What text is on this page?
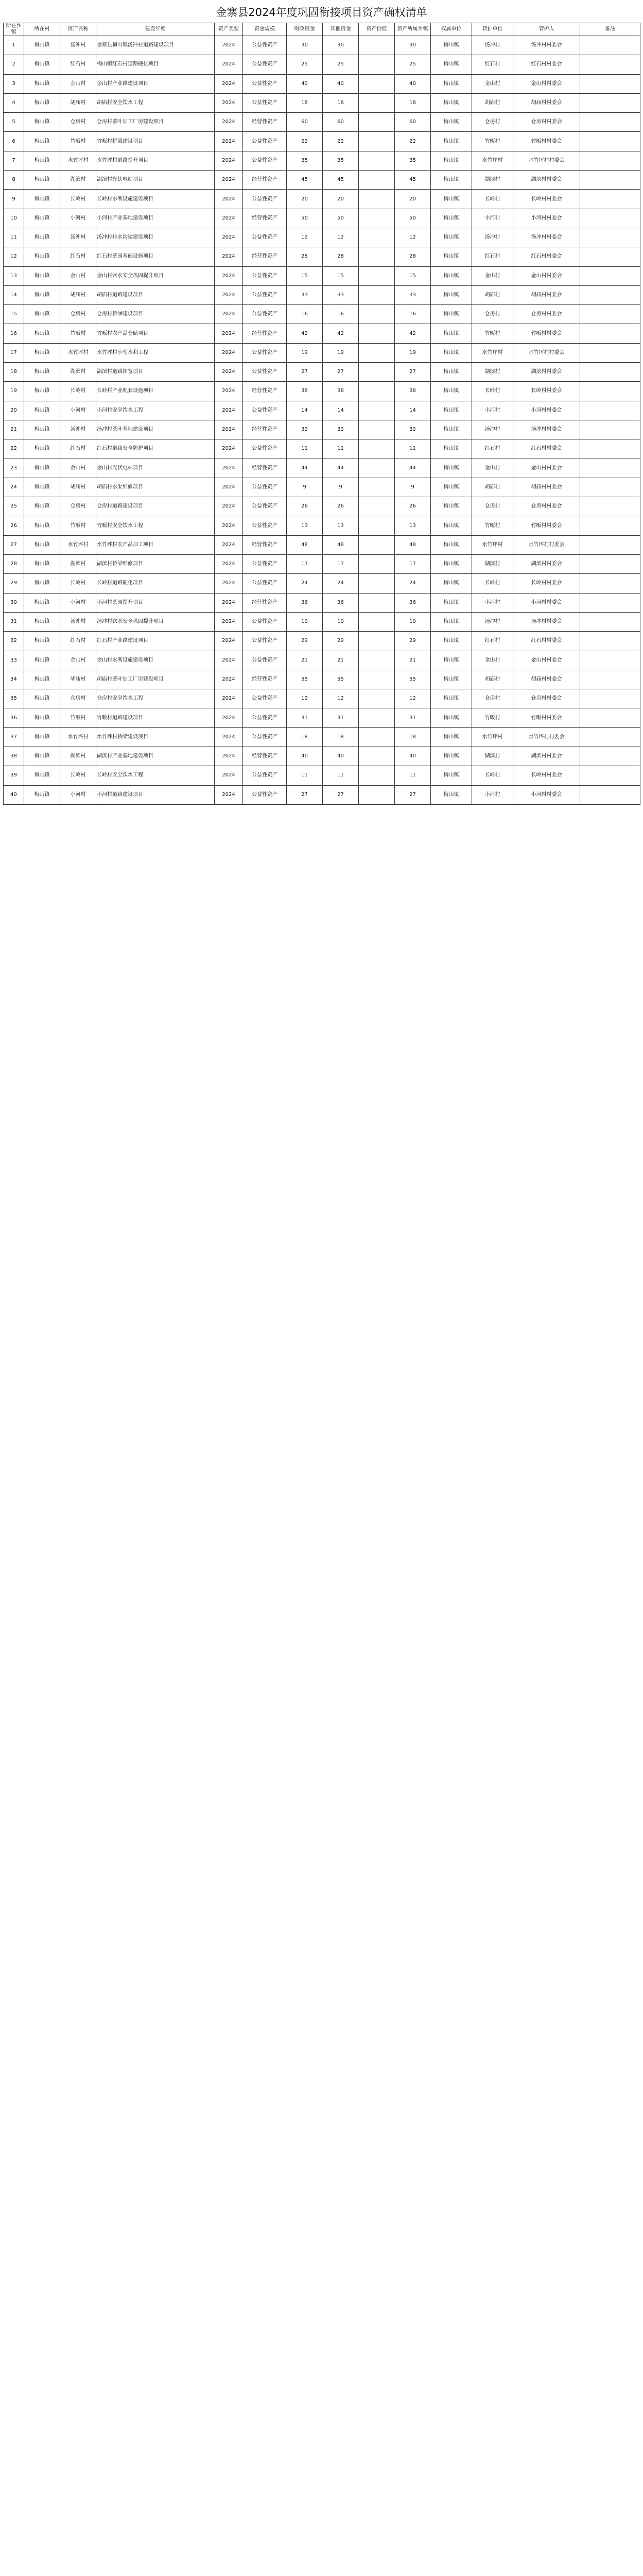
金寨县2024年度巩固衔接项目资产确权清单
所在乡镇	所在村	资产名称	建设年度	资产类型	资金规模	财政资金	其他资金	资产价值	资产所属乡镇	权属单位	管护单位	管护人	备注
1	梅山镇	汤冲村	金寨县梅山镇汤冲村道路建设项目	2024	公益性资产	30	30		30	梅山镇	汤冲村	汤冲村村委会	
2	梅山镇	红石村	梅山镇红石村道路硬化项目	2024	公益性资产	25	25		25	梅山镇	红石村	红石村村委会	
3	梅山镇	金山村	金山村产业路建设项目	2024	公益性资产	40	40		40	梅山镇	金山村	金山村村委会	
4	梅山镇	胡庙村	胡庙村安全饮水工程	2024	公益性资产	18	18		18	梅山镇	胡庙村	胡庙村村委会	
5	梅山镇	仓房村	仓房村茶叶加工厂房建设项目	2024	经营性资产	60	60		60	梅山镇	仓房村	仓房村村委会	
6	梅山镇	竹畈村	竹畈村桥梁建设项目	2024	公益性资产	22	22		22	梅山镇	竹畈村	竹畈村村委会	
7	梅山镇	水竹坪村	水竹坪村道路提升项目	2024	公益性资产	35	35		35	梅山镇	水竹坪村	水竹坪村村委会	
8	梅山镇	湖滨村	湖滨村光伏电站项目	2024	经营性资产	45	45		45	梅山镇	湖滨村	湖滨村村委会	
9	梅山镇	长岭村	长岭村水利设施建设项目	2024	公益性资产	20	20		20	梅山镇	长岭村	长岭村村委会	
10	梅山镇	小河村	小河村产业基地建设项目	2024	经营性资产	50	50		50	梅山镇	小河村	小河村村委会	
11	梅山镇	汤冲村	汤冲村排水沟渠建设项目	2024	公益性资产	12	12		12	梅山镇	汤冲村	汤冲村村委会	
12	梅山镇	红石村	红石村茶园基础设施项目	2024	经营性资产	28	28		28	梅山镇	红石村	红石村村委会	
13	梅山镇	金山村	金山村饮水安全巩固提升项目	2024	公益性资产	15	15		15	梅山镇	金山村	金山村村委会	
14	梅山镇	胡庙村	胡庙村道路建设项目	2024	公益性资产	33	33		33	梅山镇	胡庙村	胡庙村村委会	
15	梅山镇	仓房村	仓房村桥涵建设项目	2024	公益性资产	16	16		16	梅山镇	仓房村	仓房村村委会	
16	梅山镇	竹畈村	竹畈村农产品仓储项目	2024	经营性资产	42	42		42	梅山镇	竹畈村	竹畈村村委会	
17	梅山镇	水竹坪村	水竹坪村小型水利工程	2024	公益性资产	19	19		19	梅山镇	水竹坪村	水竹坪村村委会	
18	梅山镇	湖滨村	湖滨村道路拓宽项目	2024	公益性资产	27	27		27	梅山镇	湖滨村	湖滨村村委会	
19	梅山镇	长岭村	长岭村产业配套设施项目	2024	经营性资产	38	38		38	梅山镇	长岭村	长岭村村委会	
20	梅山镇	小河村	小河村安全饮水工程	2024	公益性资产	14	14		14	梅山镇	小河村	小河村村委会	
21	梅山镇	汤冲村	汤冲村茶叶基地建设项目	2024	经营性资产	32	32		32	梅山镇	汤冲村	汤冲村村委会	
22	梅山镇	红石村	红石村道路安全防护项目	2024	公益性资产	11	11		11	梅山镇	红石村	红石村村委会	
23	梅山镇	金山村	金山村光伏电站项目	2024	经营性资产	44	44		44	梅山镇	金山村	金山村村委会	
24	梅山镇	胡庙村	胡庙村水渠维修项目	2024	公益性资产	9	9		9	梅山镇	胡庙村	胡庙村村委会	
25	梅山镇	仓房村	仓房村道路建设项目	2024	公益性资产	26	26		26	梅山镇	仓房村	仓房村村委会	
26	梅山镇	竹畈村	竹畈村安全饮水工程	2024	公益性资产	13	13		13	梅山镇	竹畈村	竹畈村村委会	
27	梅山镇	水竹坪村	水竹坪村农产品加工项目	2024	经营性资产	48	48		48	梅山镇	水竹坪村	水竹坪村村委会	
28	梅山镇	湖滨村	湖滨村桥梁维修项目	2024	公益性资产	17	17		17	梅山镇	湖滨村	湖滨村村委会	
29	梅山镇	长岭村	长岭村道路硬化项目	2024	公益性资产	24	24		24	梅山镇	长岭村	长岭村村委会	
30	梅山镇	小河村	小河村茶园提升项目	2024	经营性资产	36	36		36	梅山镇	小河村	小河村村委会	
31	梅山镇	汤冲村	汤冲村饮水安全巩固提升项目	2024	公益性资产	10	10		10	梅山镇	汤冲村	汤冲村村委会	
32	梅山镇	红石村	红石村产业路建设项目	2024	公益性资产	29	29		29	梅山镇	红石村	红石村村委会	
33	梅山镇	金山村	金山村水利设施建设项目	2024	公益性资产	21	21		21	梅山镇	金山村	金山村村委会	
34	梅山镇	胡庙村	胡庙村茶叶加工厂房建设项目	2024	经营性资产	55	55		55	梅山镇	胡庙村	胡庙村村委会	
35	梅山镇	仓房村	仓房村安全饮水工程	2024	公益性资产	12	12		12	梅山镇	仓房村	仓房村村委会	
36	梅山镇	竹畈村	竹畈村道路建设项目	2024	公益性资产	31	31		31	梅山镇	竹畈村	竹畈村村委会	
37	梅山镇	水竹坪村	水竹坪村桥梁建设项目	2024	公益性资产	18	18		18	梅山镇	水竹坪村	水竹坪村村委会	
38	梅山镇	湖滨村	湖滨村产业基地建设项目	2024	经营性资产	40	40		40	梅山镇	湖滨村	湖滨村村委会	
39	梅山镇	长岭村	长岭村安全饮水工程	2024	公益性资产	11	11		11	梅山镇	长岭村	长岭村村委会	
40	梅山镇	小河村	小河村道路建设项目	2024	公益性资产	27	27		27	梅山镇	小河村	小河村村委会	
